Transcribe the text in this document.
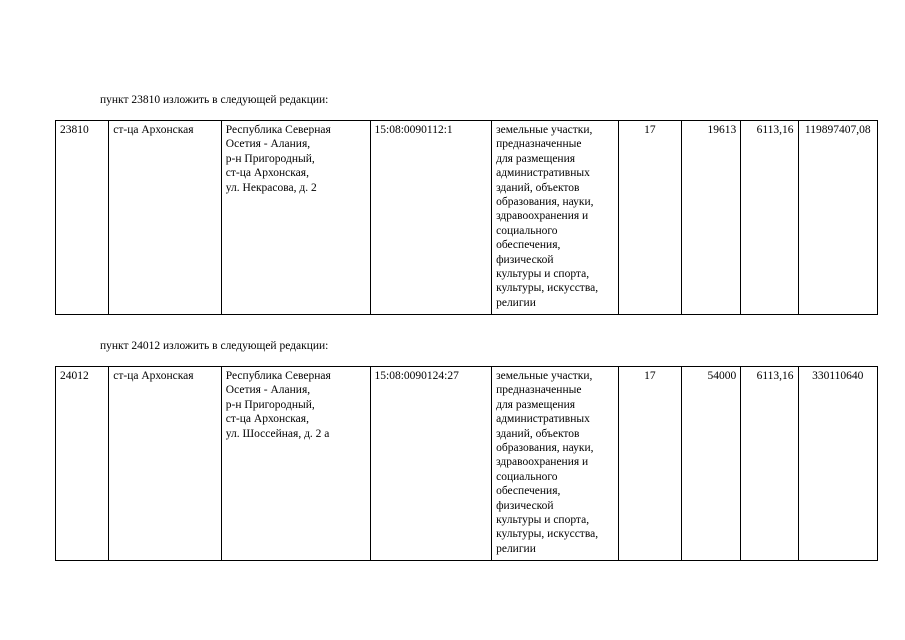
пункт 23810 изложить в следующей редакции:
23810	ст-ца Архонская	Республика Северная
Осетия - Алания,
р-н Пригородный,
ст-ца Архонская,
ул. Некрасова, д. 2	15:08:0090112:1	земельные участки,
предназначенные
для размещения
административных
зданий, объектов
образования, науки,
здравоохранения и
социального
обеспечения,
физической
культуры и спорта,
культуры, искусства,
религии	17	19613	6113,16	119897407,08
пункт 24012 изложить в следующей редакции:
24012	ст-ца Архонская	Республика Северная
Осетия - Алания,
р-н Пригородный,
ст-ца Архонская,
ул. Шоссейная, д. 2 а	15:08:0090124:27	земельные участки,
предназначенные
для размещения
административных
зданий, объектов
образования, науки,
здравоохранения и
социального
обеспечения,
физической
культуры и спорта,
культуры, искусства,
религии	17	54000	6113,16	330110640
